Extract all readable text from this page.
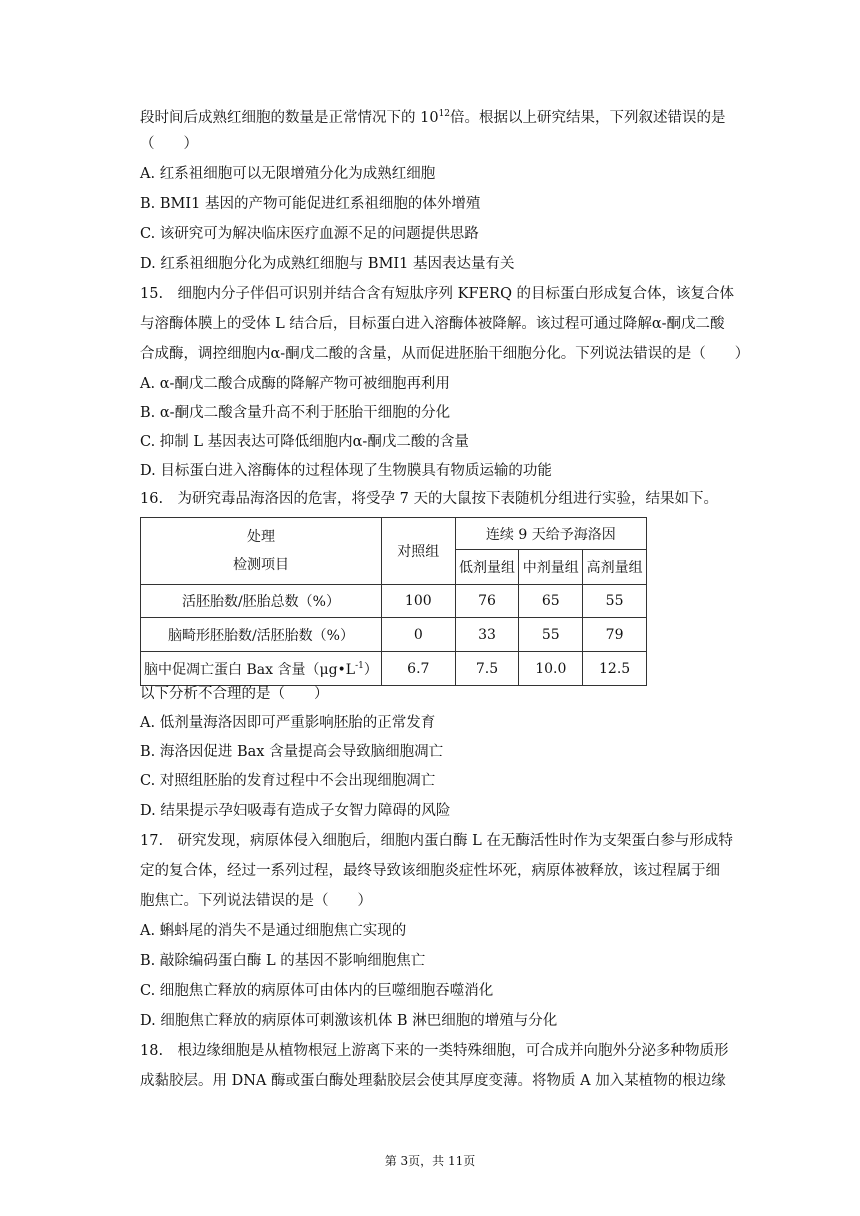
段时间后成熟红细胞的数量是正常情况下的 $10^{12}$倍。根据以上研究结果，下列叙述错误的是
（　　）
A. 红系祖细胞可以无限增殖分化为成熟红细胞
B. BMI1 基因的产物可能促进红系祖细胞的体外增殖
C. 该研究可为解决临床医疗血源不足的问题提供思路
D. 红系祖细胞分化为成熟红细胞与 BMI1 基因表达量有关
15.　细胞内分子伴侣可识别并结合含有短肽序列 KFERQ 的目标蛋白形成复合体，该复合体
与溶酶体膜上的受体 L 结合后，目标蛋白进入溶酶体被降解。该过程可通过降解α-酮戊二酸
合成酶，调控细胞内α-酮戊二酸的含量，从而促进胚胎干细胞分化。下列说法错误的是（　　）
A. α-酮戊二酸合成酶的降解产物可被细胞再利用
B. α-酮戊二酸含量升高不利于胚胎干细胞的分化
C. 抑制 L 基因表达可降低细胞内α-酮戊二酸的含量
D. 目标蛋白进入溶酶体的过程体现了生物膜具有物质运输的功能
16.　为研究毒品海洛因的危害，将受孕 7 天的大鼠按下表随机分组进行实验，结果如下。
处理
检测项目	对照组	连续 9 天给予海洛因		
		低剂量组	中剂量组	高剂量组
活胚胎数/胚胎总数（%）	100	76	65	55
脑畸形胚胎数/活胚胎数（%）	0	33	55	79
脑中促凋亡蛋白 Bax 含量$(\mu g•L^{-1})$	6.7	7.5	10.0	12.5
以下分析不合理的是（　　）
A. 低剂量海洛因即可严重影响胚胎的正常发育
B. 海洛因促进 Bax 含量提高会导致脑细胞凋亡
C. 对照组胚胎的发育过程中不会出现细胞凋亡
D. 结果提示孕妇吸毒有造成子女智力障碍的风险
17.　研究发现，病原体侵入细胞后，细胞内蛋白酶 L 在无酶活性时作为支架蛋白参与形成特
定的复合体，经过一系列过程，最终导致该细胞炎症性坏死，病原体被释放，该过程属于细
胞焦亡。下列说法错误的是（　　）
A. 蝌蚪尾的消失不是通过细胞焦亡实现的
B. 敲除编码蛋白酶 L 的基因不影响细胞焦亡
C. 细胞焦亡释放的病原体可由体内的巨噬细胞吞噬消化
D. 细胞焦亡释放的病原体可刺激该机体 B 淋巴细胞的增殖与分化
18.　根边缘细胞是从植物根冠上游离下来的一类特殊细胞，可合成并向胞外分泌多种物质形
成黏胶层。用 DNA 酶或蛋白酶处理黏胶层会使其厚度变薄。将物质 A 加入某植物的根边缘
第 3页，共 11页
